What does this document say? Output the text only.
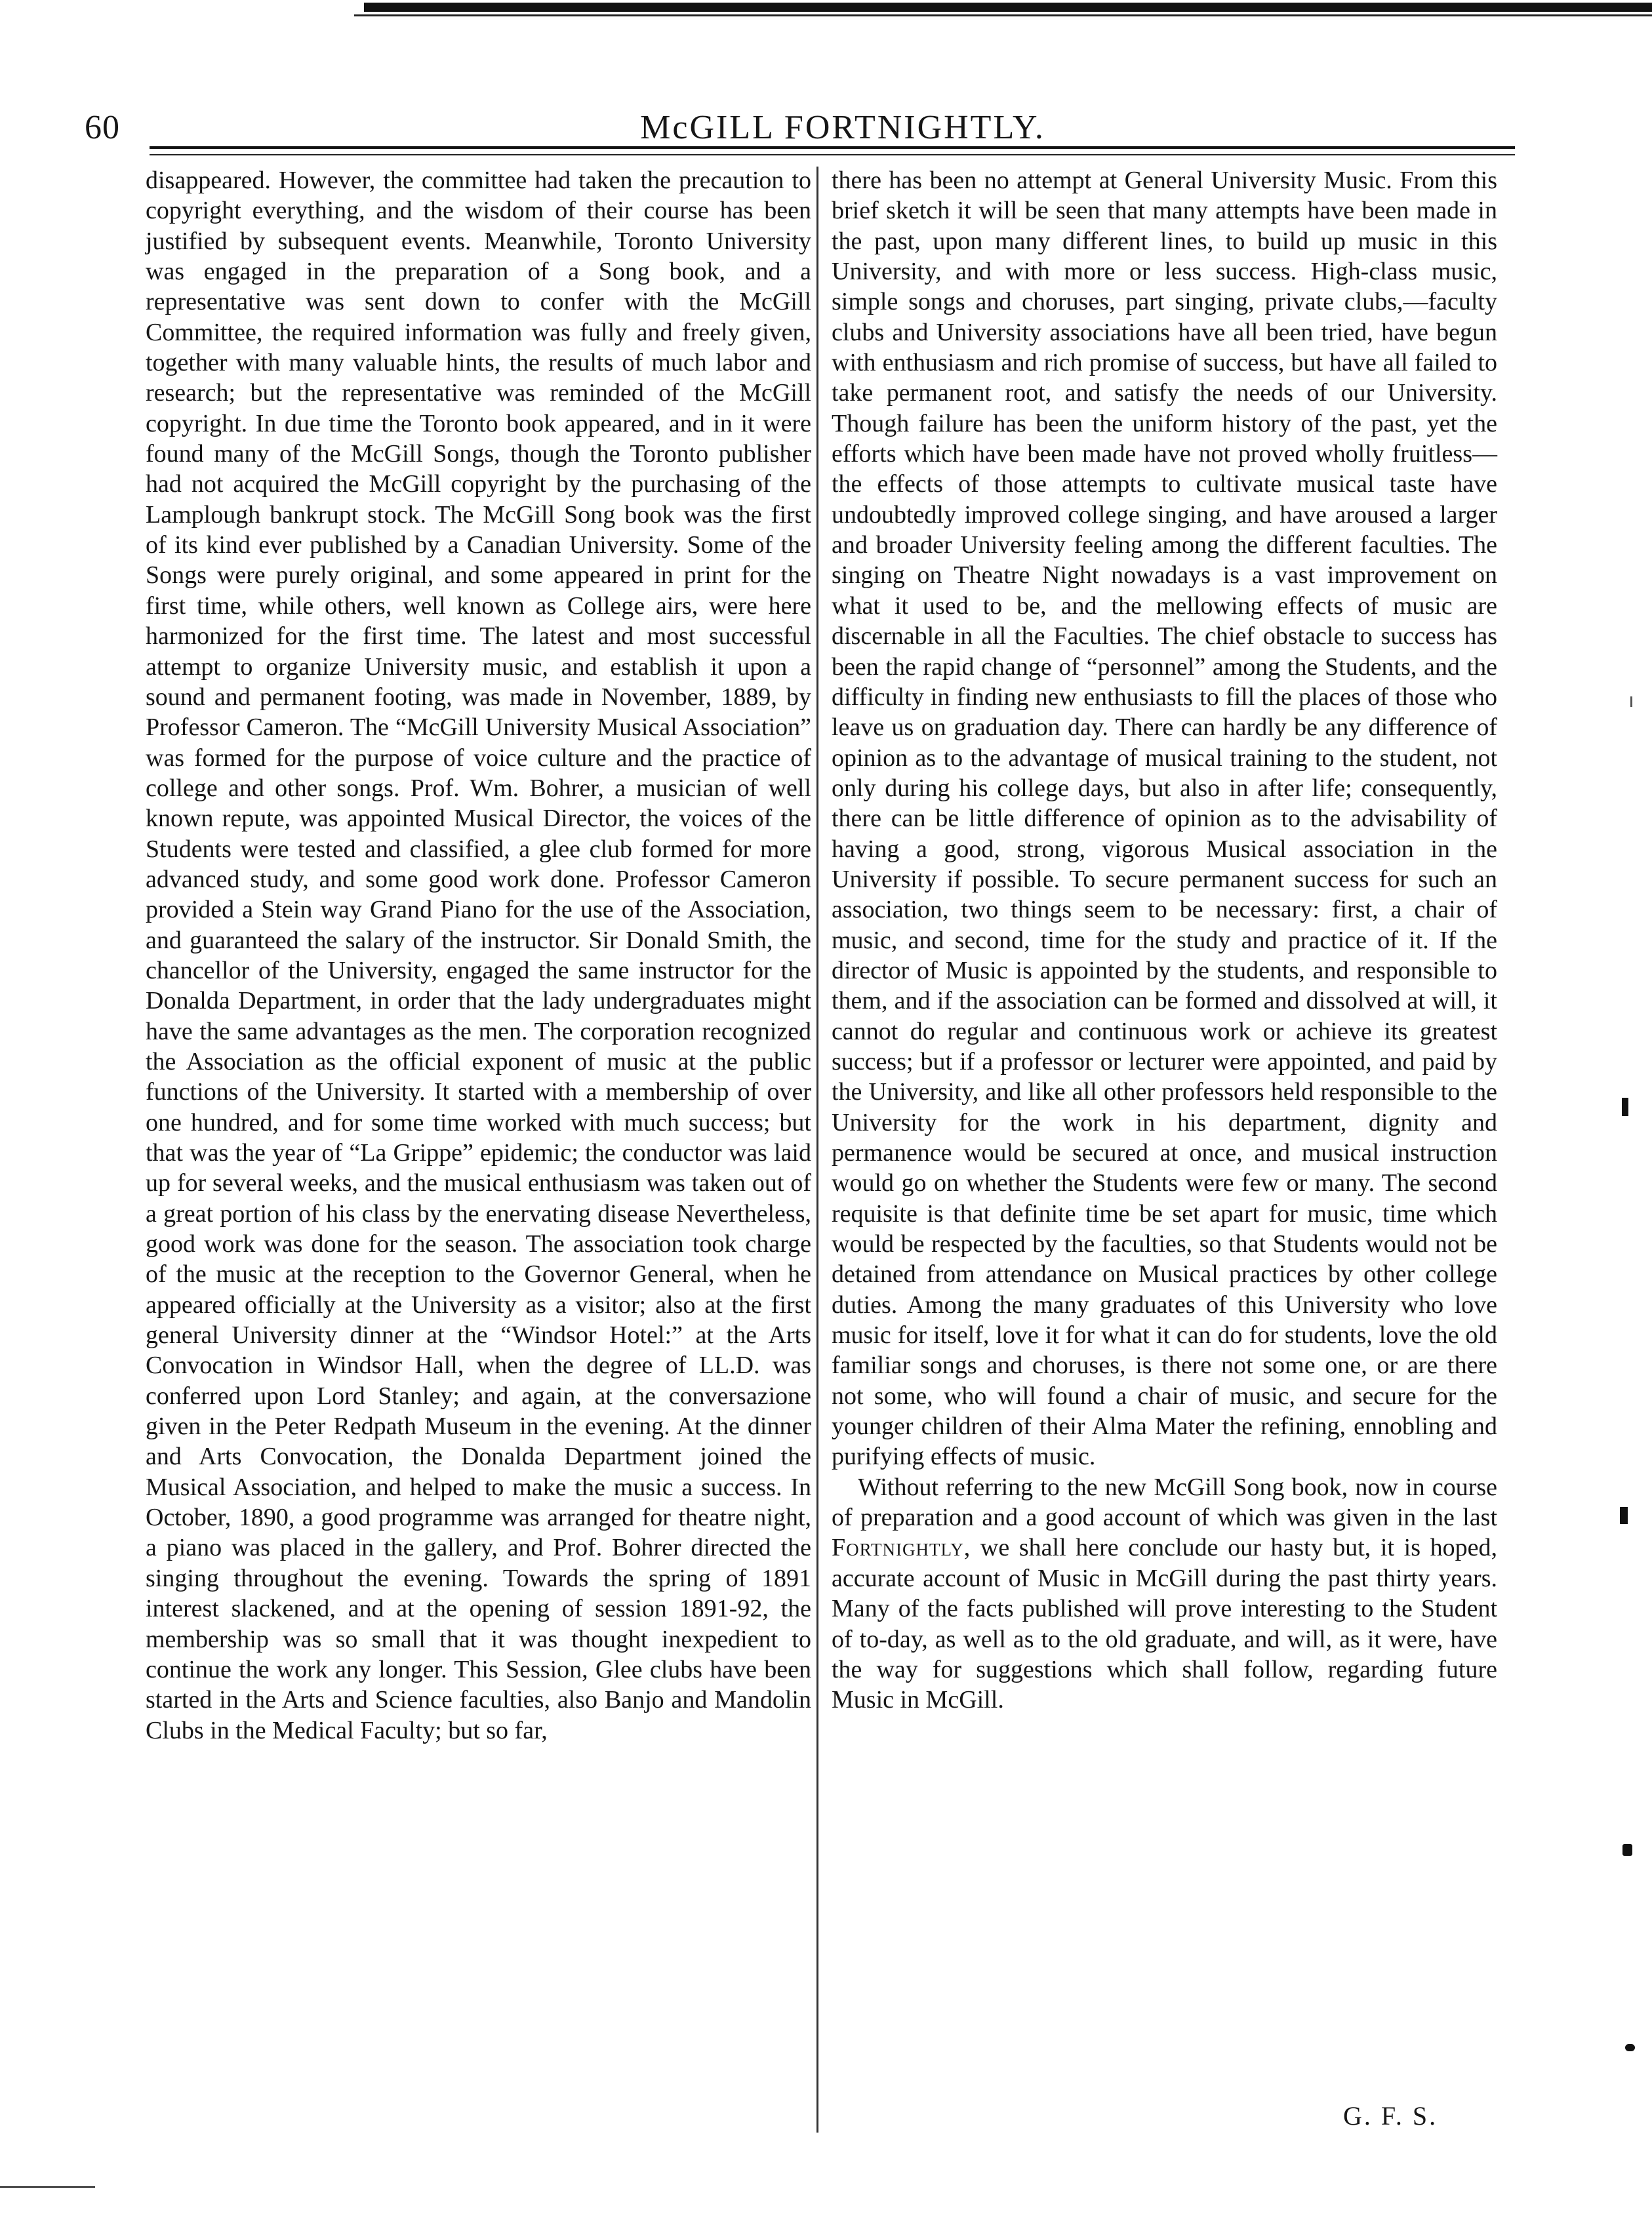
60	McGILL FORTNIGHTLY.

disappeared. However, the committee had taken the precaution to copyright everything, and the wisdom of their course has been justified by subsequent events. Meanwhile, Toronto University was engaged in the preparation of a Song book, and a representative was sent down to confer with the McGill Committee, the required information was fully and freely given, together with many valuable hints, the results of much labor and research; but the representative was reminded of the McGill copyright. In due time the Toronto book appeared, and in it were found many of the McGill Songs, though the Toronto publisher had not acquired the McGill copyright by the purchasing of the Lamplough bankrupt stock. The McGill Song book was the first of its kind ever published by a Canadian University. Some of the Songs were purely original, and some appeared in print for the first time, while others, well known as College airs, were here harmonized for the first time. The latest and most successful attempt to organize University music, and establish it upon a sound and permanent footing, was made in November, 1889, by Professor Cameron. The “McGill University Musical Association” was formed for the purpose of voice culture and the practice of college and other songs. Prof. Wm. Bohrer, a musician of well known repute, was appointed Musical Director, the voices of the Students were tested and classified, a glee club formed for more advanced study, and some good work done. Professor Cameron provided a Stein way Grand Piano for the use of the Association, and guaranteed the salary of the instructor. Sir Donald Smith, the chancellor of the University, engaged the same instructor for the Donalda Department, in order that the lady undergraduates might have the same advantages as the men. The corporation recognized the Association as the official exponent of music at the public functions of the University. It started with a membership of over one hundred, and for some time worked with much success; but that was the year of “La Grippe” epidemic; the conductor was laid up for several weeks, and the musical enthusiasm was taken out of a great portion of his class by the enervating disease Nevertheless, good work was done for the season. The association took charge of the music at the reception to the Governor General, when he appeared officially at the University as a visitor; also at the first general University dinner at the “Windsor Hotel:” at the Arts Convocation in Windsor Hall, when the degree of LL.D. was conferred upon Lord Stanley; and again, at the conversazione given in the Peter Redpath Museum in the evening. At the dinner and Arts Convocation, the Donalda Department joined the Musical Association, and helped to make the music a success. In October, 1890, a good programme was arranged for theatre night, a piano was placed in the gallery, and Prof. Bohrer directed the singing throughout the evening. Towards the spring of 1891 interest slackened, and at the opening of session 1891-92, the membership was so small that it was thought inexpedient to continue the work any longer. This Session, Glee clubs have been started in the Arts and Science faculties, also Banjo and Mandolin Clubs in the Medical Faculty; but so far,

there has been no attempt at General University Music. From this brief sketch it will be seen that many attempts have been made in the past, upon many different lines, to build up music in this University, and with more or less success. High-class music, simple songs and choruses, part singing, private clubs,—faculty clubs and University associations have all been tried, have begun with enthusiasm and rich promise of success, but have all failed to take permanent root, and satisfy the needs of our University. Though failure has been the uniform history of the past, yet the efforts which have been made have not proved wholly fruitless—the effects of those attempts to cultivate musical taste have undoubtedly improved college singing, and have aroused a larger and broader University feeling among the different faculties. The singing on Theatre Night nowadays is a vast improvement on what it used to be, and the mellowing effects of music are discernable in all the Faculties. The chief obstacle to success has been the rapid change of “personnel” among the Students, and the difficulty in finding new enthusiasts to fill the places of those who leave us on graduation day. There can hardly be any difference of opinion as to the advantage of musical training to the student, not only during his college days, but also in after life; consequently, there can be little difference of opinion as to the advisability of having a good, strong, vigorous Musical association in the University if possible. To secure permanent success for such an association, two things seem to be necessary: first, a chair of music, and second, time for the study and practice of it. If the director of Music is appointed by the students, and responsible to them, and if the association can be formed and dissolved at will, it cannot do regular and continuous work or achieve its greatest success; but if a professor or lecturer were appointed, and paid by the University, and like all other professors held responsible to the University for the work in his department, dignity and permanence would be secured at once, and musical instruction would go on whether the Students were few or many. The second requisite is that definite time be set apart for music, time which would be respected by the faculties, so that Students would not be detained from attendance on Musical practices by other college duties. Among the many graduates of this University who love music for itself, love it for what it can do for students, love the old familiar songs and choruses, is there not some one, or are there not some, who will found a chair of music, and secure for the younger children of their Alma Mater the refining, ennobling and purifying effects of music.

Without referring to the new McGill Song book, now in course of preparation and a good account of which was given in the last Fortnightly, we shall here conclude our hasty but, it is hoped, accurate account of Music in McGill during the past thirty years. Many of the facts published will prove interesting to the Student of to-day, as well as to the old graduate, and will, as it were, have the way for suggestions which shall follow, regarding future Music in McGill.

G. F. S.
